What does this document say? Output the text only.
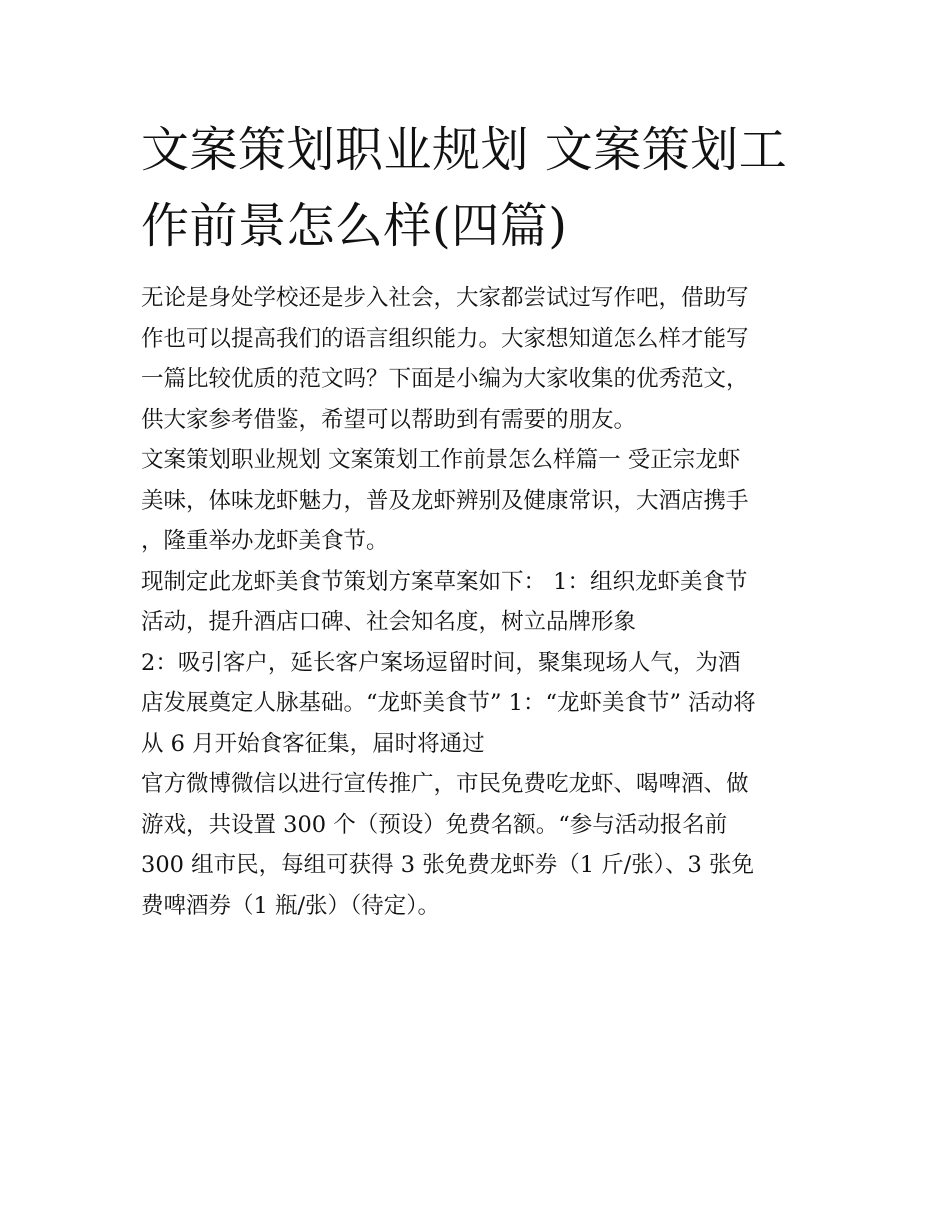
文案策划职业规划 文案策划工
作前景怎么样(四篇)
无论是身处学校还是步入社会，大家都尝试过写作吧，借助写
作也可以提高我们的语言组织能力。大家想知道怎么样才能写
一篇比较优质的范文吗？下面是小编为大家收集的优秀范文，
供大家参考借鉴，希望可以帮助到有需要的朋友。
文案策划职业规划 文案策划工作前景怎么样篇一 受正宗龙虾
美味，体味龙虾魅力，普及龙虾辨别及健康常识，大酒店携手
，隆重举办龙虾美食节。
现制定此龙虾美食节策划方案草案如下： 1：组织龙虾美食节
活动，提升酒店口碑、社会知名度，树立品牌形象
2：吸引客户，延长客户案场逗留时间，聚集现场人气，为酒
店发展奠定人脉基础。“龙虾美食节” 1：“龙虾美食节” 活动将
从 6 月开始食客征集，届时将通过
官方微博微信以进行宣传推广，市民免费吃龙虾、喝啤酒、做
游戏，共设置 300 个（预设）免费名额。“参与活动报名前
300 组市民，每组可获得 3 张免费龙虾券（1 斤/张）、3 张免
费啤酒券（1 瓶/张）（待定）。
